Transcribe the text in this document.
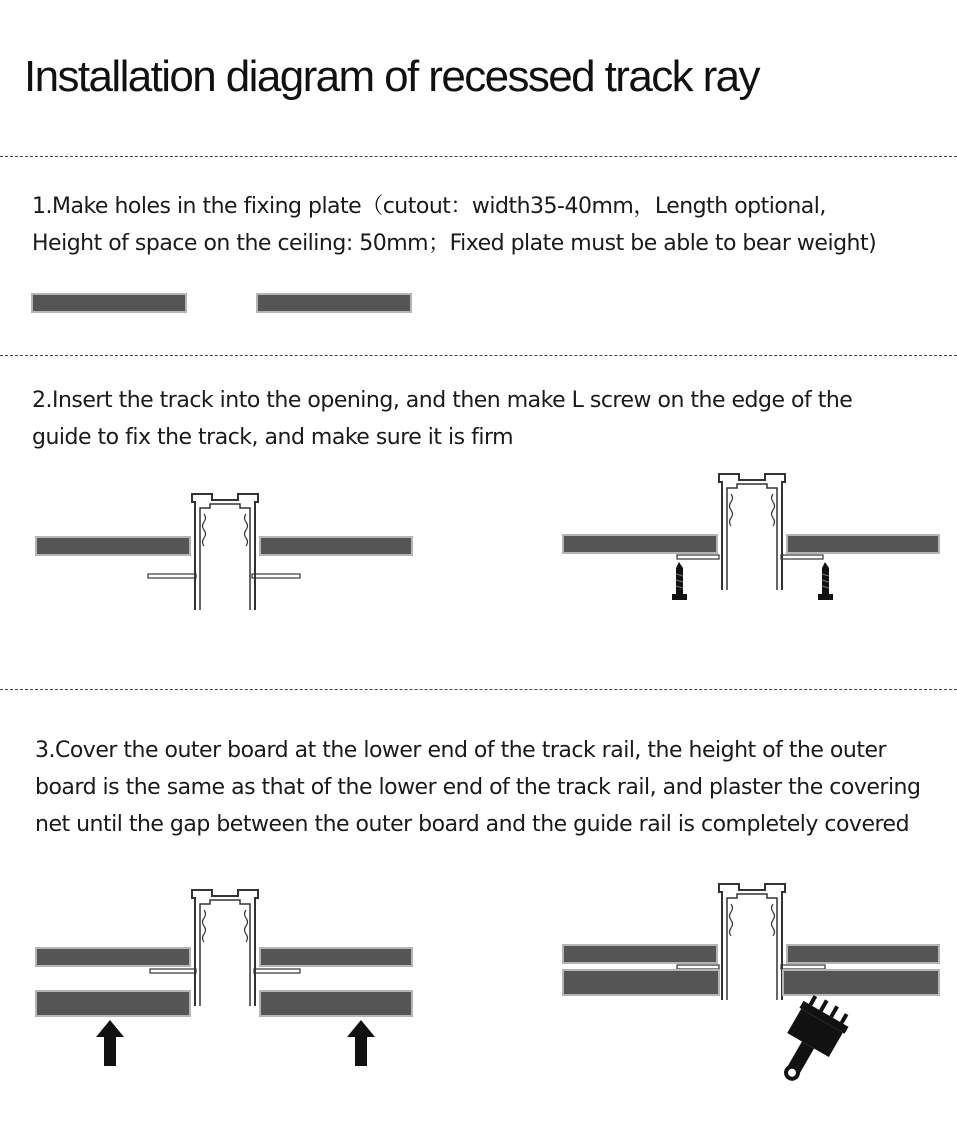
Installation diagram of recessed track ray
1.Make holes in the fixing plate（cutout：width35-40mm，Length optional,
Height of space on the ceiling: 50mm；Fixed plate must be able to bear weight)
2.Insert the track into the opening, and then make L screw on the edge of the
guide to fix the track, and make sure it is firm
3.Cover the outer board at the lower end of the track rail, the height of the outer
board is the same as that of the lower end of the track rail, and plaster the covering
net until the gap between the outer board and the guide rail is completely covered
